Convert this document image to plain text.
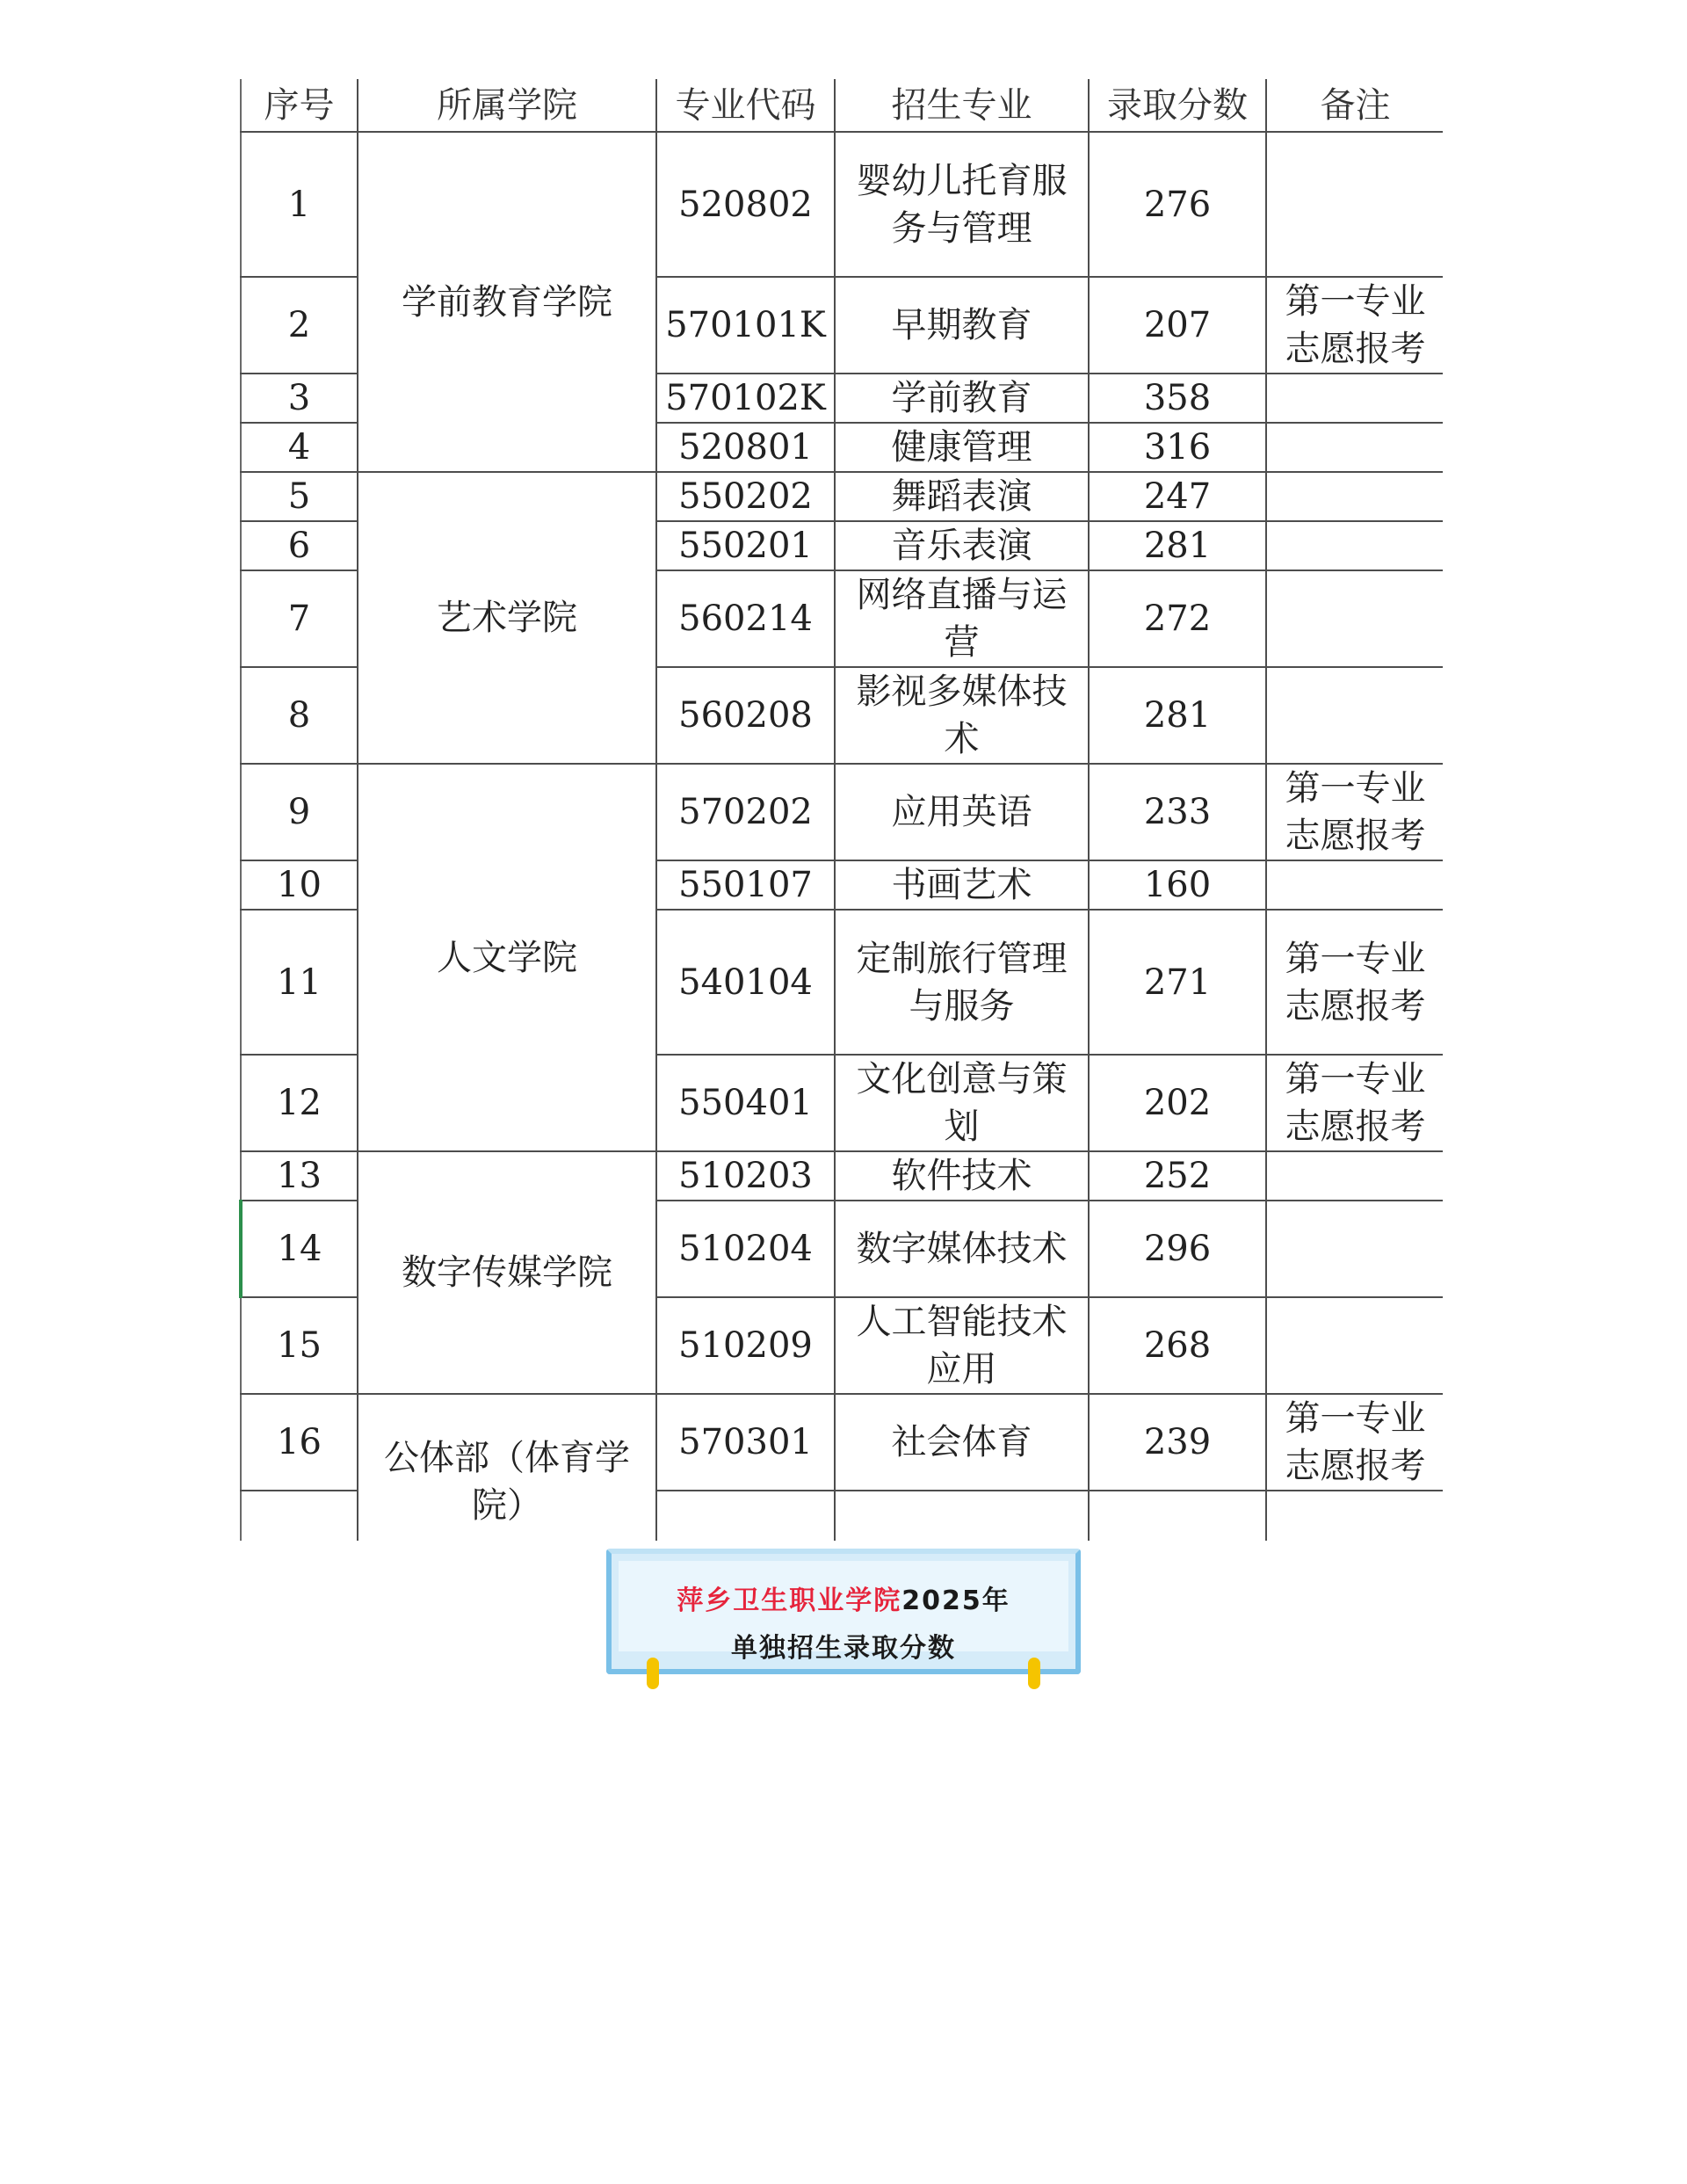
序号	所属学院	专业代码	招生专业	录取分数	备注
1	学前教育学院	520802	婴幼儿托育服务与管理	276	
2		570101K	早期教育	207	第一专业志愿报考
3		570102K	学前教育	358	
4		520801	健康管理	316	
5	艺术学院	550202	舞蹈表演	247	
6		550201	音乐表演	281	
7		560214	网络直播与运营	272	
8		560208	影视多媒体技术	281	
9	人文学院	570202	应用英语	233	第一专业志愿报考
10		550107	书画艺术	160	
11		540104	定制旅行管理与服务	271	第一专业志愿报考
12		550401	文化创意与策划	202	第一专业志愿报考
13	数字传媒学院	510203	软件技术	252	
14		510204	数字媒体技术	296	
15		510209	人工智能技术应用	268	
16	公体部（体育学院）	570301	社会体育	239	第一专业志愿报考

萍乡卫生职业学院2025年
单独招生录取分数
